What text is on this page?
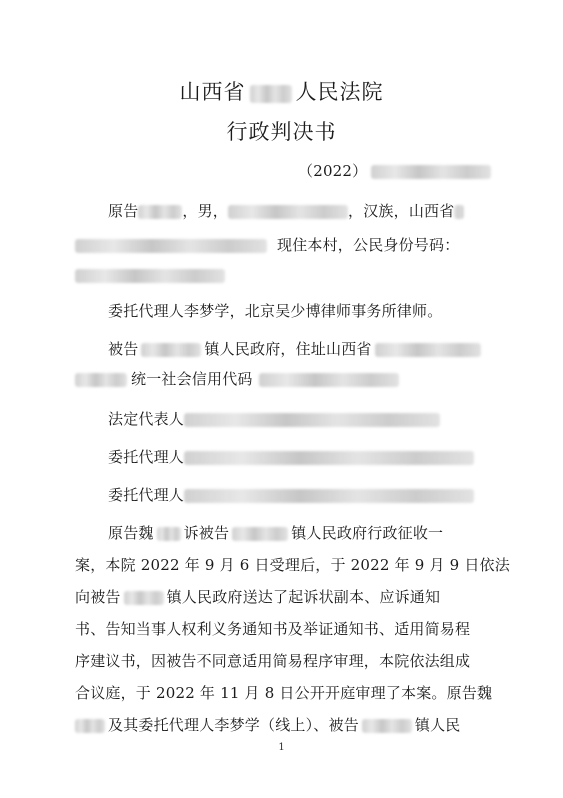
山西省 人民法院
行政判决书
（2022）
原告	，男，	，汉族，山西省
现住本村，公民身份号码：
委托代理人李梦学，北京吴少博律师事务所律师。
被告	镇人民政府，住址山西省
统一社会信用代码
法定代表人
委托代理人
委托代理人
原告魏 诉被告	镇人民政府行政征收一
案，本院 2022 年 9 月 6 日受理后，于 2022 年 9 月 9 日依法
向被告	镇人民政府送达了起诉状副本、应诉通知
书、告知当事人权利义务通知书及举证通知书、适用简易程
序建议书，因被告不同意适用简易程序审理，本院依法组成
合议庭，于 2022 年 11 月 8 日公开开庭审理了本案。原告魏
及其委托代理人李梦学（线上）、被告	镇人民
1
